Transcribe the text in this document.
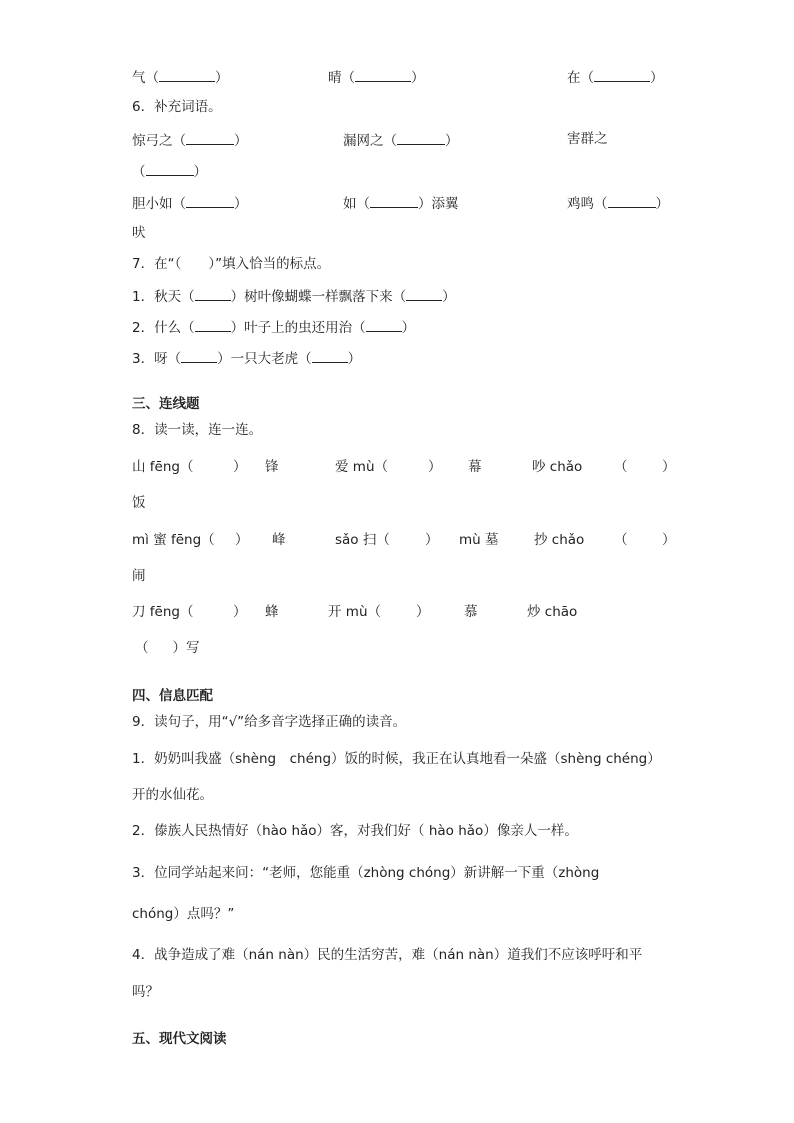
气（	）	晴（	）	在（	）
6．补充词语。
惊弓之（	）	漏网之（	）	害群之
（	）
胆小如（	）	如（	）添翼	鸡鸣（	）
吠
7．在“（　　）”填入恰当的标点。
1．秋天（	）树叶像蝴蝶一样飘落下来（	）
2．什么（	）叶子上的虫还用治（	）
3．呀（	）一只大老虎（	）
三、连线题
8．读一读，连一连。
山 fēng（	） 锋	爱 mù（	） 幕	吵 chǎo （	）
饭
mì 蜜 fēng（ ） 峰	sǎo 扫（	） mù 墓	抄 chǎo （	）
闹
刀 fēng（	） 蜂	开 mù（	）	慕	炒 chāo
（ ）写
四、信息匹配
9．读句子，用“√”给多音字选择正确的读音。
1．奶奶叫我盛（shèng　chéng）饭的时候，我正在认真地看一朵盛（shèng chéng）
开的水仙花。
2．傣族人民热情好（hào hǎo）客，对我们好（ hào hǎo）像亲人一样。
3．位同学站起来问：“老师，您能重（zhòng chóng）新讲解一下重（zhòng
chóng）点吗？”
4．战争造成了难（nán nàn）民的生活穷苦，难（nán nàn）道我们不应该呼吁和平
吗？
五、现代文阅读
